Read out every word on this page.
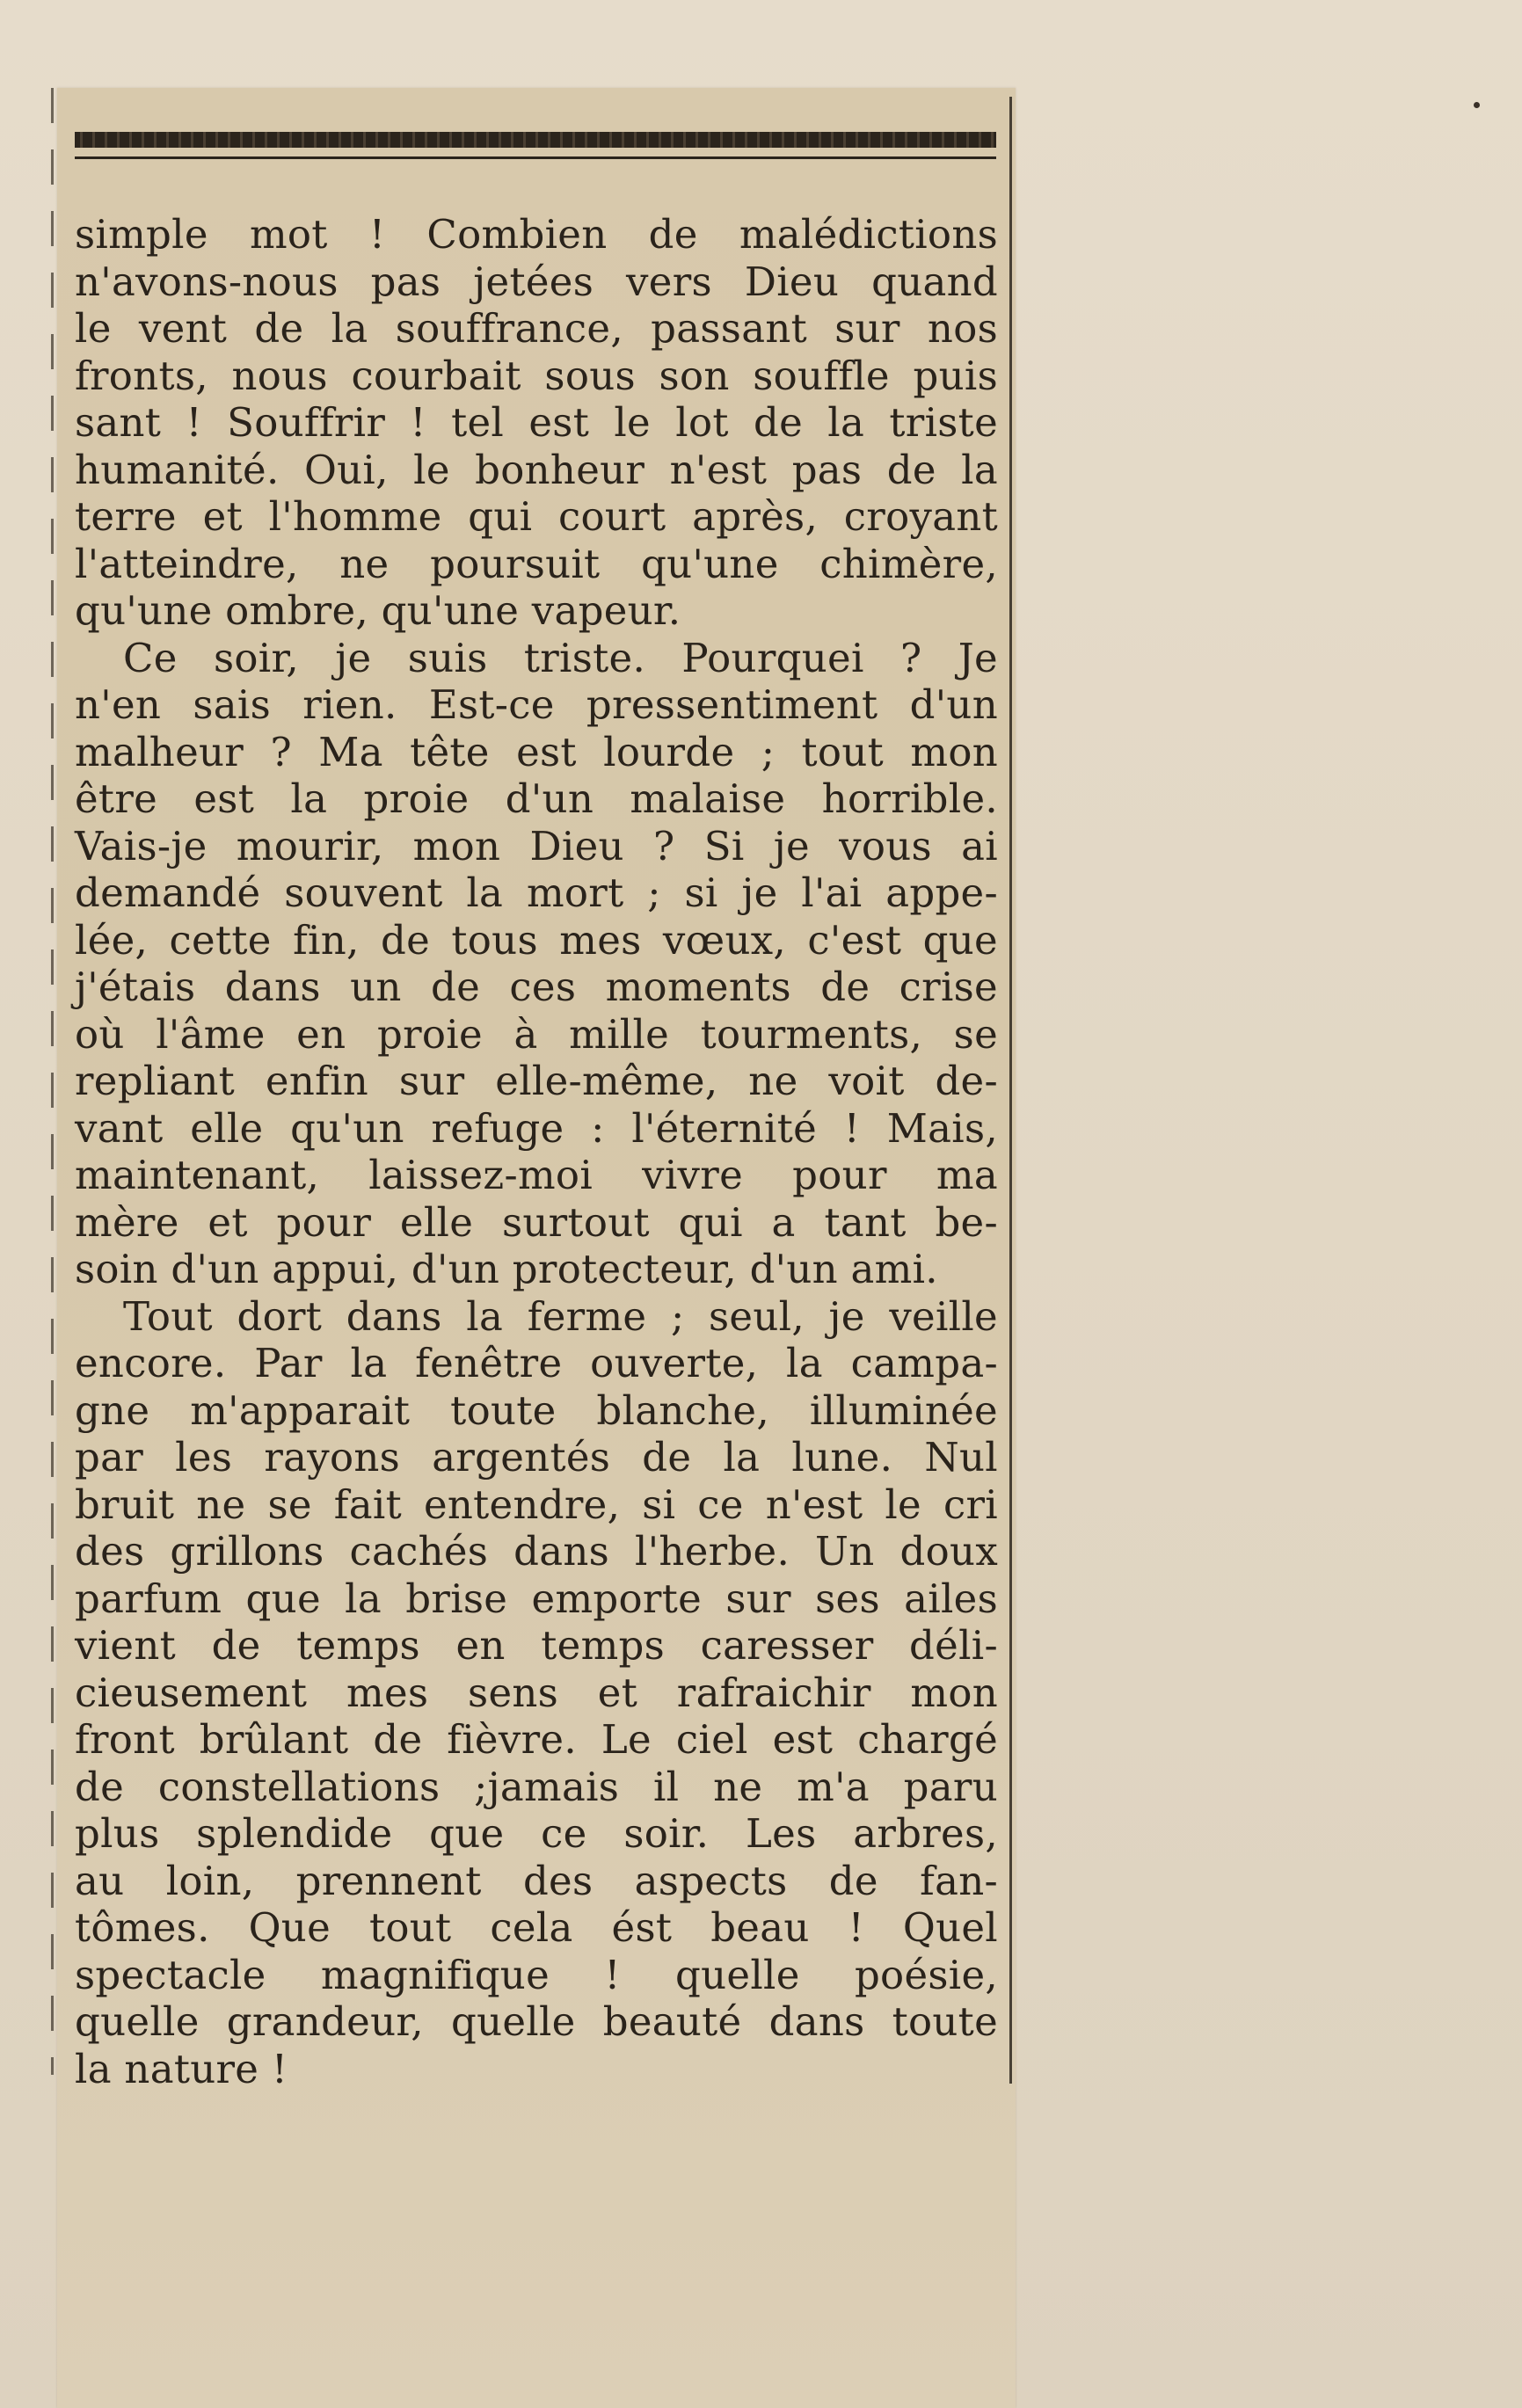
simple mot ! Combien de malédictions
n'avons-nous pas jetées vers Dieu quand
le vent de la souffrance, passant sur nos
fronts, nous courbait sous son souffle puis
sant ! Souffrir ! tel est le lot de la triste
humanité. Oui, le bonheur n'est pas de la
terre et l'homme qui court après, croyant
l'atteindre, ne poursuit qu'une chimère,
qu'une ombre, qu'une vapeur.
Ce soir, je suis triste. Pourquei ? Je
n'en sais rien. Est-ce pressentiment d'un
malheur ? Ma tête est lourde ; tout mon
être est la proie d'un malaise horrible.
Vais-je mourir, mon Dieu ? Si je vous ai
demandé souvent la mort ; si je l'ai appe-
lée, cette fin, de tous mes vœux, c'est que
j'étais dans un de ces moments de crise
où l'âme en proie à mille tourments, se
repliant enfin sur elle-même, ne voit de-
vant elle qu'un refuge : l'éternité ! Mais,
maintenant, laissez-moi vivre pour ma
mère et pour elle surtout qui a tant be-
soin d'un appui, d'un protecteur, d'un ami.
Tout dort dans la ferme ; seul, je veille
encore. Par la fenêtre ouverte, la campa-
gne m'apparait toute blanche, illuminée
par les rayons argentés de la lune. Nul
bruit ne se fait entendre, si ce n'est le cri
des grillons cachés dans l'herbe. Un doux
parfum que la brise emporte sur ses ailes
vient de temps en temps caresser déli-
cieusement mes sens et rafraichir mon
front brûlant de fièvre. Le ciel est chargé
de constellations ;jamais il ne m'a paru
plus splendide que ce soir. Les arbres,
au loin, prennent des aspects de fan-
tômes. Que tout cela ést beau ! Quel
spectacle magnifique ! quelle poésie,
quelle grandeur, quelle beauté dans toute
la nature !
